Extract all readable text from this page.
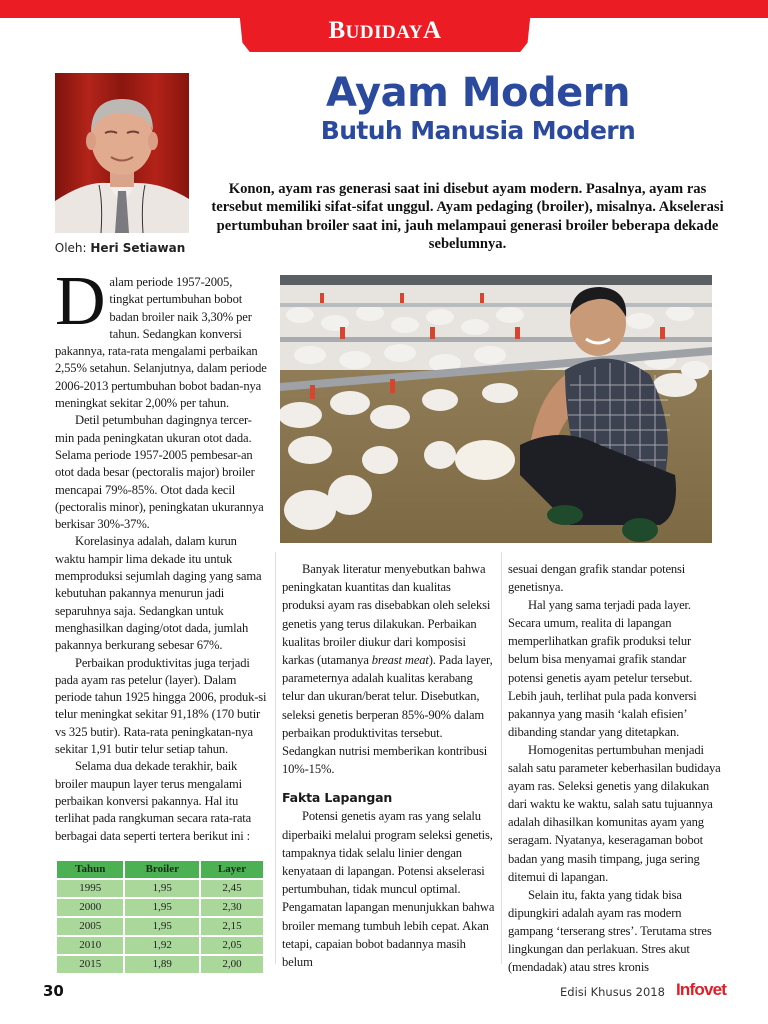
BUDIDAYA
Oleh: Heri Setiawan
Ayam Modern
Butuh Manusia Modern

Konon, ayam ras generasi saat ini disebut ayam modern. Pasalnya, ayam ras tersebut memiliki sifat-sifat unggul. Ayam pedaging (broiler), misalnya. Akselerasi pertumbuhan broiler saat ini, jauh melampaui generasi broiler beberapa dekade sebelumnya.

Dalam periode 1957-2005, tingkat pertumbuhan bobot badan broiler naik 3,30% per tahun. Sedangkan konversi pakannya, rata-rata mengalami perbaikan 2,55% setahun. Selanjutnya, dalam periode 2006-2013 pertumbuhan bobot badan-nya meningkat sekitar 2,00% per tahun.

Detil petumbuhan dagingnya tercer-min pada peningkatan ukuran otot dada. Selama periode 1957-2005 pembesar-an otot dada besar (pectoralis major) broiler mencapai 79%-85%. Otot dada kecil (pectoralis minor), peningkatan ukurannya berkisar 30%-37%.

Korelasinya adalah, dalam kurun waktu hampir lima dekade itu untuk memproduksi sejumlah daging yang sama kebutuhan pakannya menurun jadi separuhnya saja. Sedangkan untuk menghasilkan daging/otot dada, jumlah pakannya berkurang sebesar 67%.

Perbaikan produktivitas juga terjadi pada ayam ras petelur (layer). Dalam periode tahun 1925 hingga 2006, produk-si telur meningkat sekitar 91,18% (170 butir vs 325 butir). Rata-rata peningkatan-nya sekitar 1,91 butir telur setiap tahun.

Selama dua dekade terakhir, baik broiler maupun layer terus mengalami perbaikan konversi pakannya. Hal itu terlihat pada rangkuman secara rata-rata berbagai data seperti tertera berikut ini :

Tahun	Broiler	Layer
1995	1,95	2,45
2000	1,95	2,30
2005	1,95	2,15
2010	1,92	2,05
2015	1,89	2,00

Banyak literatur menyebutkan bahwa peningkatan kuantitas dan kualitas produksi ayam ras disebabkan oleh seleksi genetis yang terus dilakukan. Perbaikan kualitas broiler diukur dari komposisi karkas (utamanya breast meat). Pada layer, parameternya adalah kualitas kerabang telur dan ukuran/berat telur. Disebutkan, seleksi genetis berperan 85%-90% dalam perbaikan produktivitas tersebut. Sedangkan nutrisi memberikan kontribusi 10%-15%.

Fakta Lapangan

Potensi genetis ayam ras yang selalu diperbaiki melalui program seleksi genetis, tampaknya tidak selalu linier dengan kenyataan di lapangan. Potensi akselerasi pertumbuhan, tidak muncul optimal. Pengamatan lapangan menunjukkan bahwa broiler memang tumbuh lebih cepat. Akan tetapi, capaian bobot badannya masih belum

sesuai dengan grafik standar potensi genetisnya.

Hal yang sama terjadi pada layer. Secara umum, realita di lapangan memperlihatkan grafik produksi telur belum bisa menyamai grafik standar potensi genetis ayam petelur tersebut. Lebih jauh, terlihat pula pada konversi pakannya yang masih ‘kalah efisien’ dibanding standar yang ditetapkan.

Homogenitas pertumbuhan menjadi salah satu parameter keberhasilan budidaya ayam ras. Seleksi genetis yang dilakukan dari waktu ke waktu, salah satu tujuannya adalah dihasilkan komunitas ayam yang seragam. Nyatanya, keseragaman bobot badan yang masih timpang, juga sering ditemui di lapangan.

Selain itu, fakta yang tidak bisa dipungkiri adalah ayam ras modern gampang ‘terserang stres’. Terutama stres lingkungan dan perlakuan. Stres akut (mendadak) atau stres kronis

30	Edisi Khusus 2018 Infovet
